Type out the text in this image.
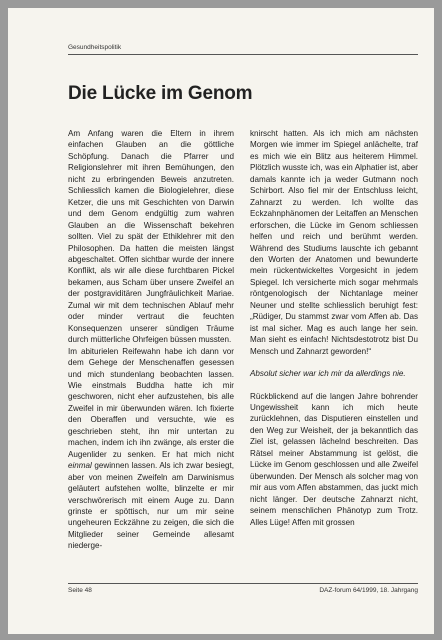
Gesundheitspolitik
Die Lücke im Genom

Am Anfang waren die Eltern in ihrem einfachen Glauben an die göttliche Schöpfung. Danach die Pfarrer und Religionslehrer mit ihren Bemühungen, den nicht zu erbringenden Beweis anzutreten. Schliesslich kamen die Biologielehrer, diese Ketzer, die uns mit Geschichten von Darwin und dem Genom endgültig zum wahren Glauben an die Wissenschaft bekehren sollten. Viel zu spät der Ethiklehrer mit den Philosophen. Da hatten die meisten längst abgeschaltet. Offen sichtbar wurde der innere Konflikt, als wir alle diese furchtbaren Pickel bekamen, aus Scham über unsere Zweifel an der postgraviditären Jungfräulichkeit Mariae. Zumal wir mit dem technischen Ablauf mehr oder minder vertraut die feuchten Konsequenzen unserer sündigen Träume durch mütterliche Ohrfeigen büssen mussten.

Im abiturielen Reifewahn habe ich dann vor dem Gehege der Menschenaffen gesessen und mich stundenlang beobachten lassen. Wie einstmals Buddha hatte ich mir geschworen, nicht eher aufzustehen, bis alle Zweifel in mir überwunden wären. Ich fixierte den Oberaffen und versuchte, wie es geschrieben steht, ihn mir untertan zu machen, indem ich ihn zwänge, als erster die Augenlider zu senken. Er hat mich nicht einmal gewinnen lassen. Als ich zwar besiegt, aber von meinen Zweifeln am Darwinismus geläutert aufstehen wollte, blinzelte er mir verschwörerisch mit einem Auge zu. Dann grinste er spöttisch, nur um mir seine ungeheuren Eckzähne zu zeigen, die sich die Mitglieder seiner Gemeinde allesamt niederge-

knirscht hatten. Als ich mich am nächsten Morgen wie immer im Spiegel anlächelte, traf es mich wie ein Blitz aus heiterem Himmel. Plötzlich wusste ich, was ein Alphatier ist, aber damals kannte ich ja weder Gutmann noch Schirbort. Also fiel mir der Entschluss leicht, Zahnarzt zu werden. Ich wollte das Eckzahnphänomen der Leitaffen an Menschen erforschen, die Lücke im Genom schliessen helfen und reich und berühmt werden. Während des Studiums lauschte ich gebannt den Worten der Anatomen und bewunderte mein rückentwickeltes Vorgesicht in jedem Spiegel. Ich versicherte mich sogar mehrmals röntgenologisch der Nichtanlage meiner Neuner und stellte schliesslich beruhigt fest: „Rüdiger, Du stammst zwar vom Affen ab. Das ist mal sicher. Mag es auch lange her sein. Man sieht es einfach! Nichtsdestotrotz bist Du Mensch und Zahnarzt geworden!“

Absolut sicher war ich mir da allerdings nie.

Rückblickend auf die langen Jahre bohrender Ungewissheit kann ich mich heute zurücklehnen, das Disputieren einstellen und den Weg zur Weisheit, der ja bekanntlich das Ziel ist, gelassen lächelnd beschreiten. Das Rätsel meiner Abstammung ist gelöst, die Lücke im Genom geschlossen und alle Zweifel überwunden. Der Mensch als solcher mag von mir aus vom Affen abstammen, das juckt mich nicht länger. Der deutsche Zahnarzt nicht, seinem menschlichen Phänotyp zum Trotz. Alles Lüge! Affen mit grossen

Seite 48	DAZ-forum 64/1999, 18. Jahrgang
